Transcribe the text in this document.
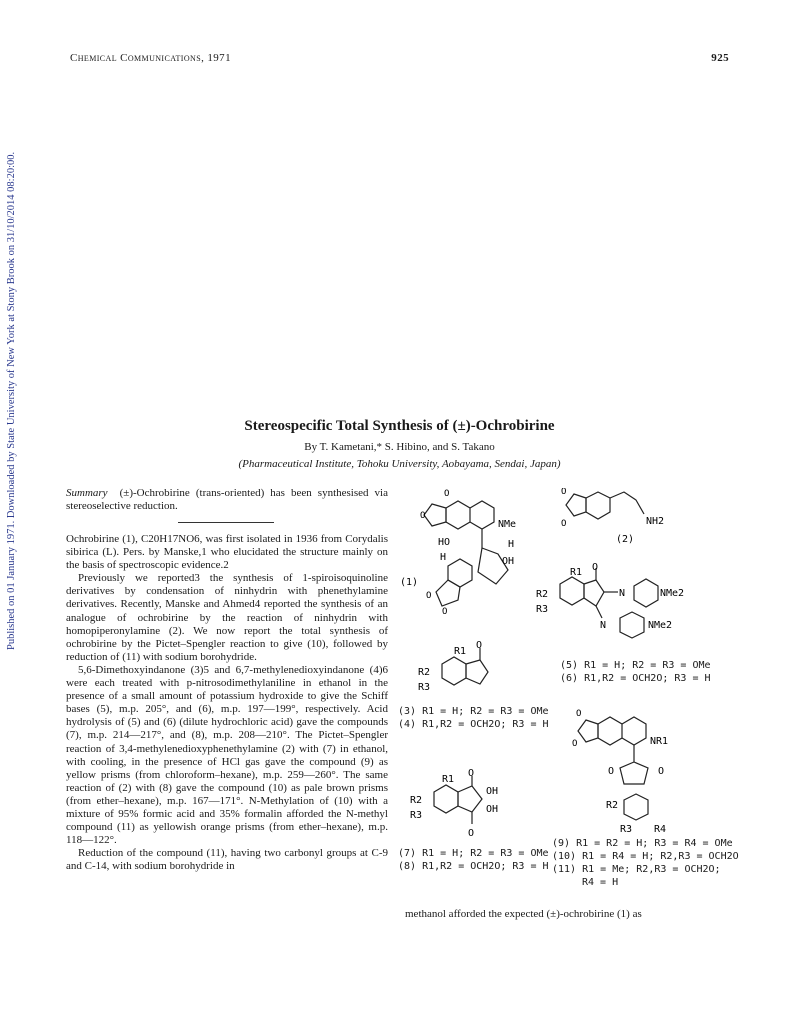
Published on 01 January 1971. Downloaded by State University of New York at Stony Brook on 31/10/2014 08:20:00.
Chemical Communications, 1971	925
Stereospecific Total Synthesis of (±)-Ochrobirine
By T. Kametani,* S. Hibino, and S. Takano
(Pharmaceutical Institute, Tohoku University, Aobayama, Sendai, Japan)

Summary (±)-Ochrobirine (trans-oriented) has been synthesised via stereoselective reduction.

Ochrobirine (1), C20H17NO6, was first isolated in 1936 from Corydalis sibirica (L). Pers. by Manske,1 who elucidated the structure mainly on the basis of spectroscopic evidence.2

Previously we reported3 the synthesis of 1-spiroisoquinoline derivatives by condensation of ninhydrin with phenethylamine derivatives. Recently, Manske and Ahmed4 reported the synthesis of an analogue of ochrobirine by the reaction of ninhydrin with homopiperonylamine (2). We now report the total synthesis of ochrobirine by the Pictet–Spengler reaction to give (10), followed by reduction of (11) with sodium borohydride.

5,6-Dimethoxyindanone (3)5 and 6,7-methylenedioxyindanone (4)6 were each treated with p-nitrosodimethylaniline in ethanol in the presence of a small amount of potassium hydroxide to give the Schiff bases (5), m.p. 205°, and (6), m.p. 197—199°, respectively. Acid hydrolysis of (5) and (6) (dilute hydrochloric acid) gave the compounds (7), m.p. 214—217°, and (8), m.p. 208—210°. The Pictet–Spengler reaction of 3,4-methylenedioxyphenethylamine (2) with (7) in ethanol, with cooling, in the presence of HCl gas gave the compound (9) as yellow prisms (from chloroform–hexane), m.p. 259—260°. The same reaction of (2) with (8) gave the compound (10) as pale brown prisms (from ether–hexane), m.p. 167—171°. N-Methylation of (10) with a mixture of 95% formic acid and 35% formalin afforded the N-methyl compound (11) as yellowish orange prisms (from ether–hexane), m.p. 118—122°.

Reduction of the compound (11), having two carbonyl groups at C-9 and C-14, with sodium borohydride in

methanol afforded the expected (±)-ochrobirine (1) as
O
O
NMe
HO	H
H	OH
(1)
O
O
O
O	NH2
(2)
R1
R2
R3
O
N	NMe2
N	NMe2
R1
R2
R3
O
(3) R1 = H; R2 = R3 = OMe
(4) R1,R2 = OCH2O; R3 = H
(5) R1 = H; R2 = R3 = OMe
(6) R1,R2 = OCH2O; R3 = H
R1
R2
R3
O
O
OH
OH
(7) R1 = H; R2 = R3 = OMe
(8) R1,R2 = OCH2O; R3 = H
O
O	NR1
O	O
R2
R3 R4
(9) R1 = R2 = H; R3 = R4 = OMe
(10) R1 = R4 = H; R2,R3 = OCH2O
(11) R1 = Me; R2,R3 = OCH2O;
R4 = H
